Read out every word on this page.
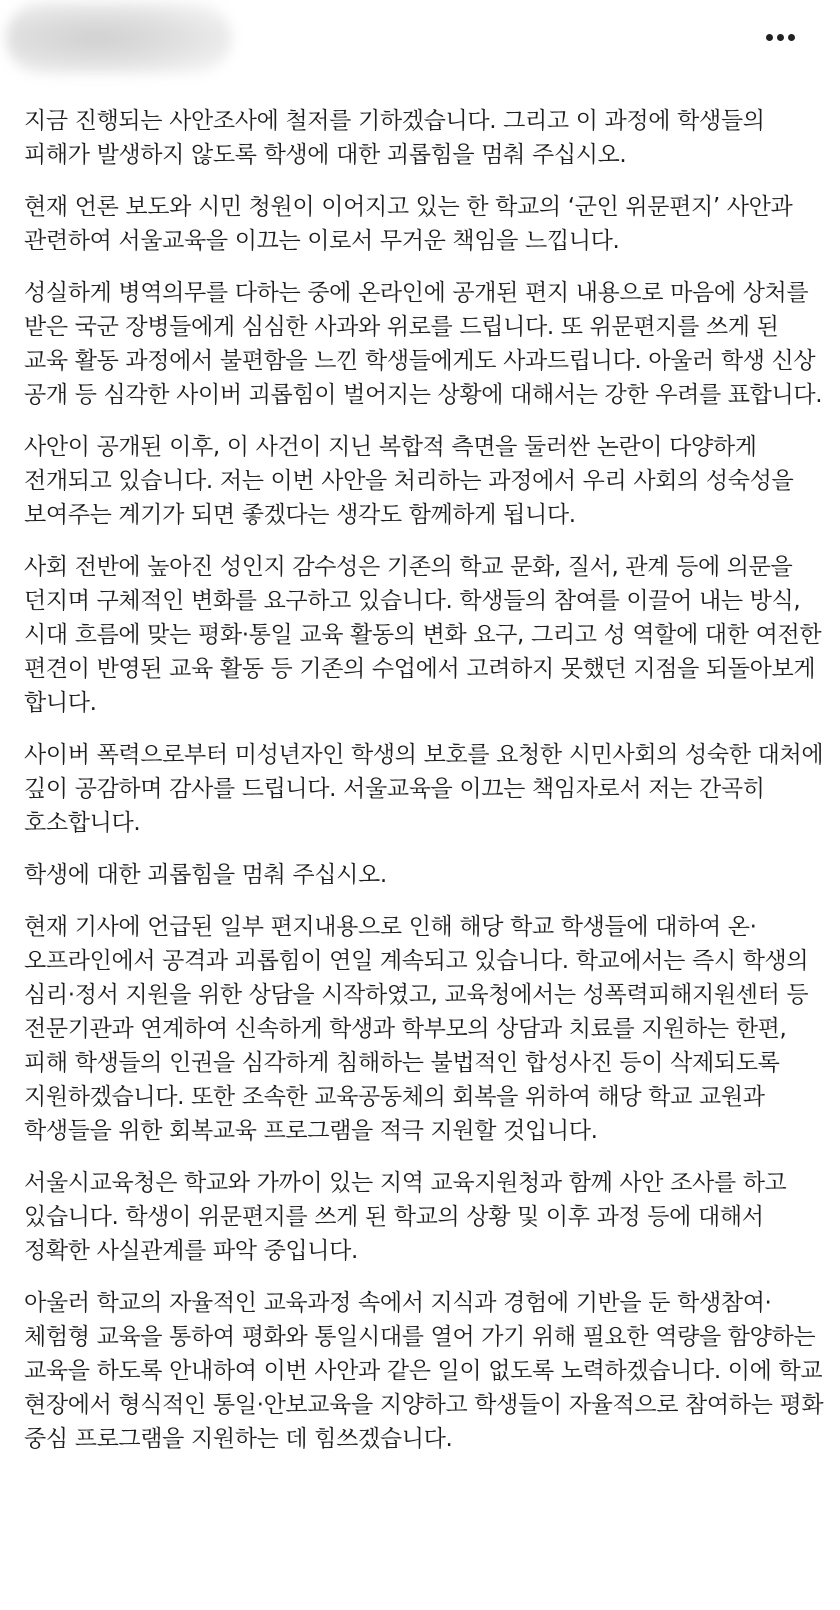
지금 진행되는 사안조사에 철저를 기하겠습니다. 그리고 이 과정에 학생들의 피해가 발생하지 않도록 학생에 대한 괴롭힘을 멈춰 주십시오.

현재 언론 보도와 시민 청원이 이어지고 있는 한 학교의 ‘군인 위문편지’ 사안과 관련하여 서울교육을 이끄는 이로서 무거운 책임을 느낍니다.

성실하게 병역의무를 다하는 중에 온라인에 공개된 편지 내용으로 마음에 상처를 받은 국군 장병들에게 심심한 사과와 위로를 드립니다. 또 위문편지를 쓰게 된 교육 활동 과정에서 불편함을 느낀 학생들에게도 사과드립니다. 아울러 학생 신상 공개 등 심각한 사이버 괴롭힘이 벌어지는 상황에 대해서는 강한 우려를 표합니다.

사안이 공개된 이후, 이 사건이 지닌 복합적 측면을 둘러싼 논란이 다양하게 전개되고 있습니다. 저는 이번 사안을 처리하는 과정에서 우리 사회의 성숙성을 보여주는 계기가 되면 좋겠다는 생각도 함께하게 됩니다.

사회 전반에 높아진 성인지 감수성은 기존의 학교 문화, 질서, 관계 등에 의문을 던지며 구체적인 변화를 요구하고 있습니다. 학생들의 참여를 이끌어 내는 방식, 시대 흐름에 맞는 평화·통일 교육 활동의 변화 요구, 그리고 성 역할에 대한 여전한 편견이 반영된 교육 활동 등 기존의 수업에서 고려하지 못했던 지점을 되돌아보게 합니다.

사이버 폭력으로부터 미성년자인 학생의 보호를 요청한 시민사회의 성숙한 대처에 깊이 공감하며 감사를 드립니다. 서울교육을 이끄는 책임자로서 저는 간곡히 호소합니다.

학생에 대한 괴롭힘을 멈춰 주십시오.

현재 기사에 언급된 일부 편지내용으로 인해 해당 학교 학생들에 대하여 온·오프라인에서 공격과 괴롭힘이 연일 계속되고 있습니다. 학교에서는 즉시 학생의 심리·정서 지원을 위한 상담을 시작하였고, 교육청에서는 성폭력피해지원센터 등 전문기관과 연계하여 신속하게 학생과 학부모의 상담과 치료를 지원하는 한편, 피해 학생들의 인권을 심각하게 침해하는 불법적인 합성사진 등이 삭제되도록 지원하겠습니다. 또한 조속한 교육공동체의 회복을 위하여 해당 학교 교원과 학생들을 위한 회복교육 프로그램을 적극 지원할 것입니다.

서울시교육청은 학교와 가까이 있는 지역 교육지원청과 함께 사안 조사를 하고 있습니다. 학생이 위문편지를 쓰게 된 학교의 상황 및 이후 과정 등에 대해서 정확한 사실관계를 파악 중입니다.

아울러 학교의 자율적인 교육과정 속에서 지식과 경험에 기반을 둔 학생참여·체험형 교육을 통하여 평화와 통일시대를 열어 가기 위해 필요한 역량을 함양하는 교육을 하도록 안내하여 이번 사안과 같은 일이 없도록 노력하겠습니다. 이에 학교 현장에서 형식적인 통일·안보교육을 지양하고 학생들이 자율적으로 참여하는 평화 중심 프로그램을 지원하는 데 힘쓰겠습니다.
